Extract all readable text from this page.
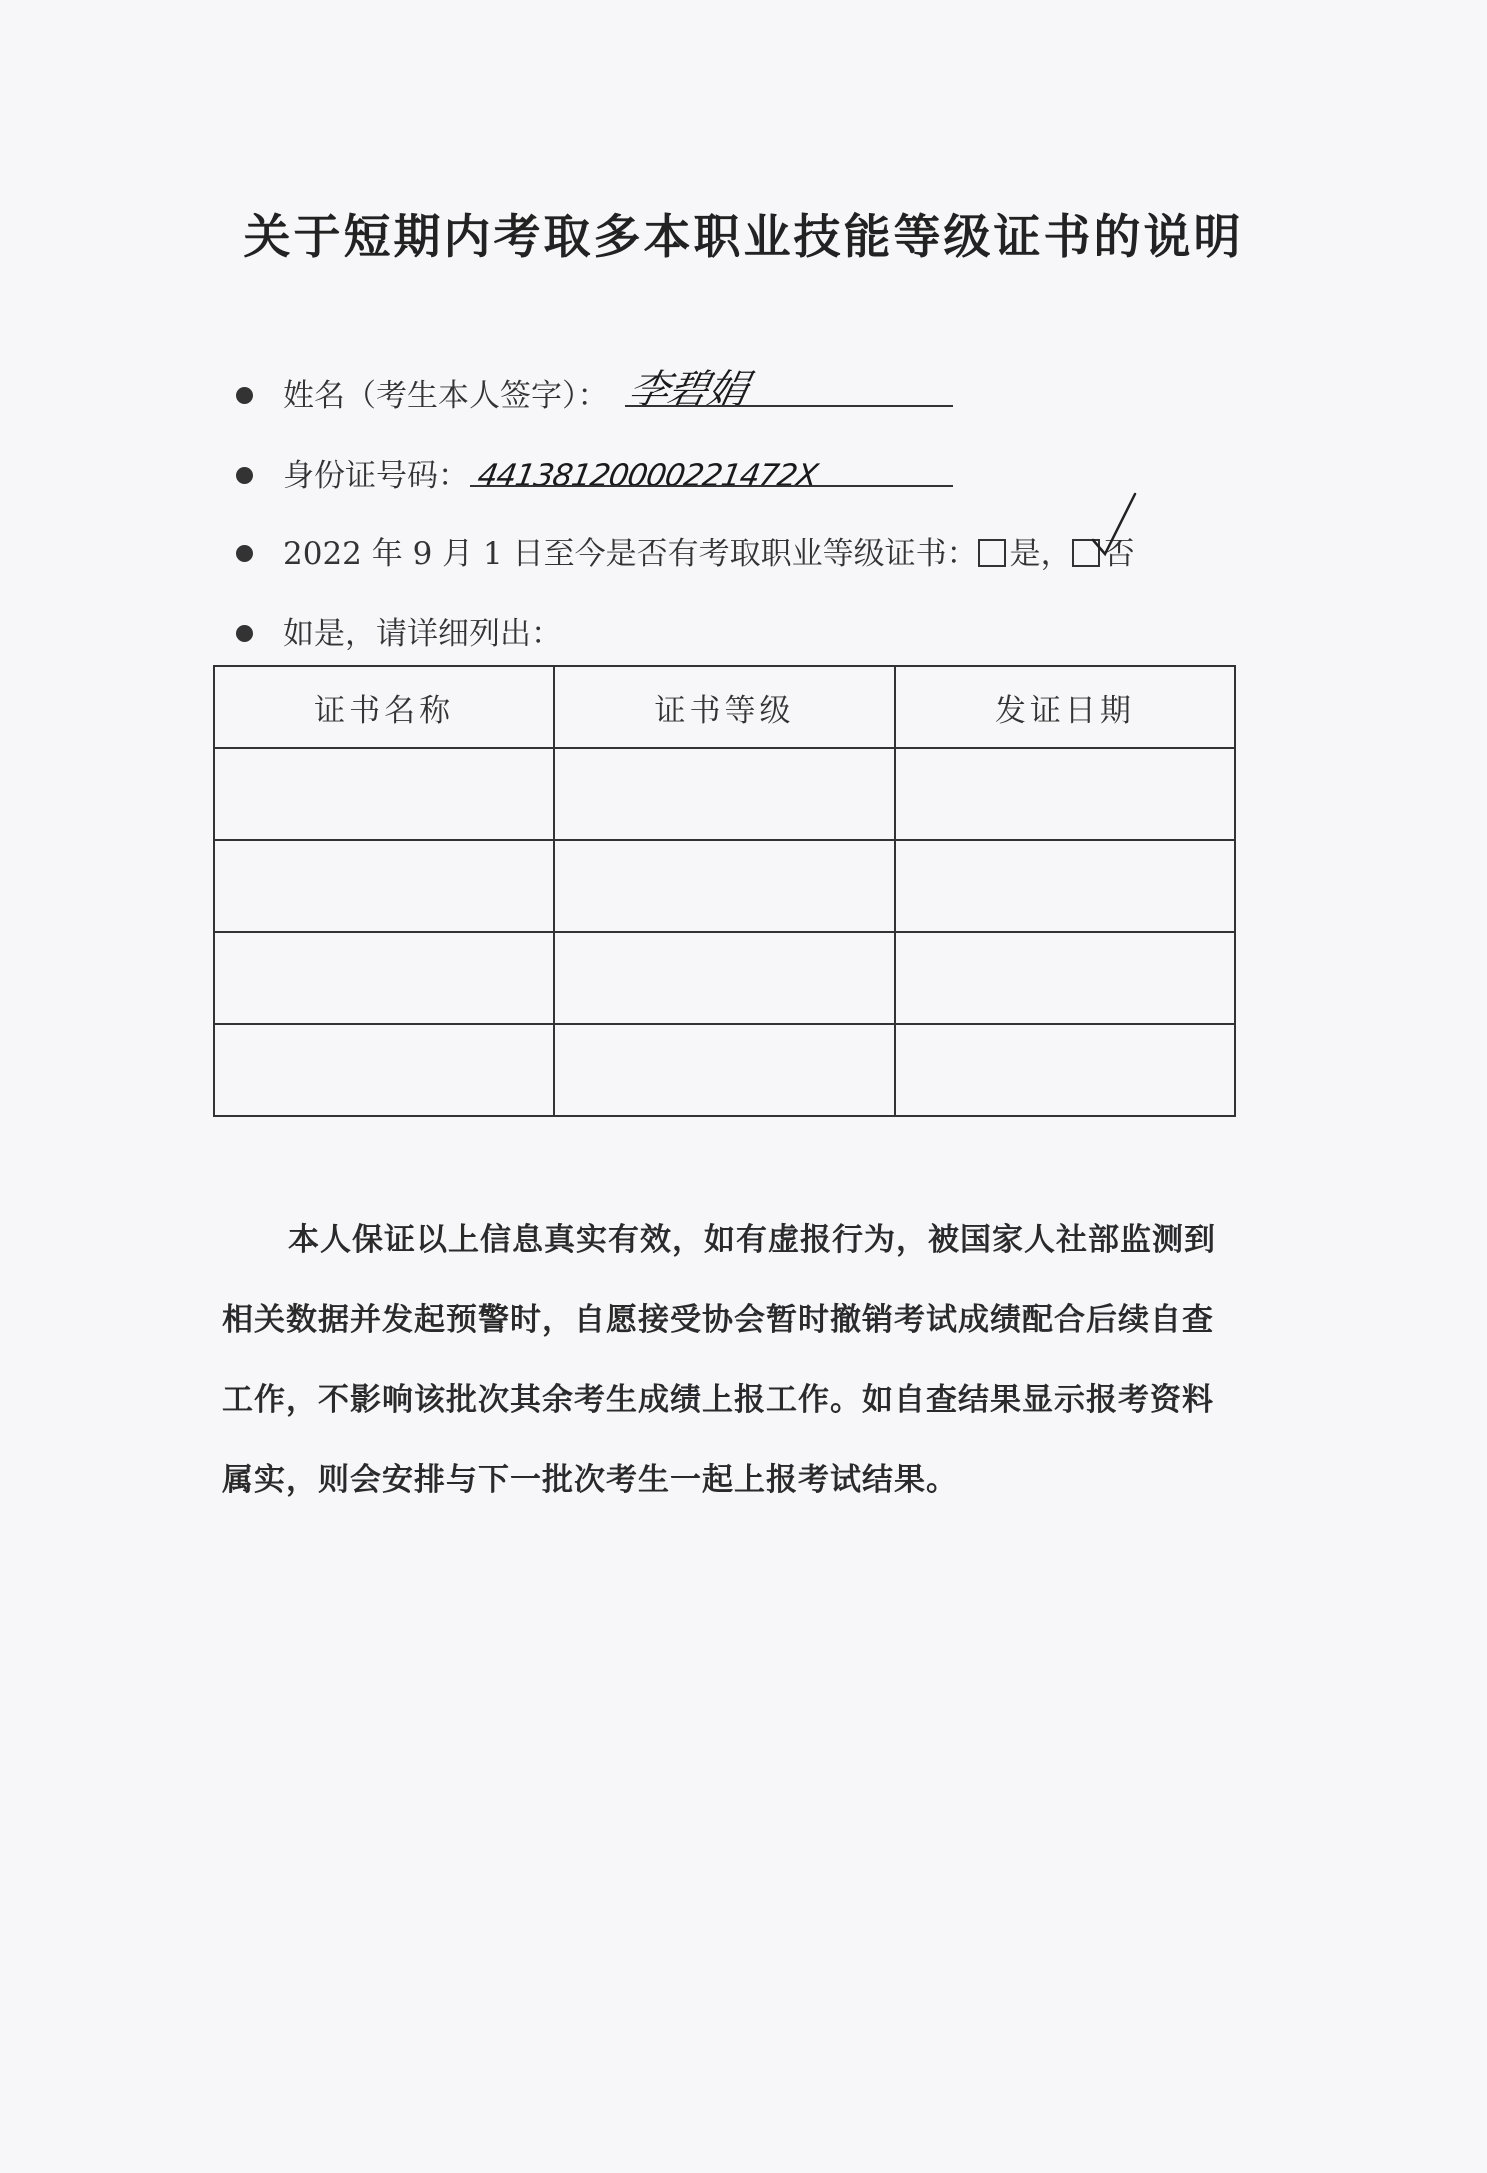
关于短期内考取多本职业技能等级证书的说明
姓名（考生本人签字）： 李碧娟
身份证号码： 44138120000221472X
2022 年 9 月 1 日至今是否有考取职业等级证书： 是， 否
如是，请详细列出：
证书名称	证书等级	发证日期

本人保证以上信息真实有效，如有虚报行为，被国家人社部监测到相关数据并发起预警时，自愿接受协会暂时撤销考试成绩配合后续自查工作，不影响该批次其余考生成绩上报工作。如自查结果显示报考资料属实，则会安排与下一批次考生一起上报考试结果。
